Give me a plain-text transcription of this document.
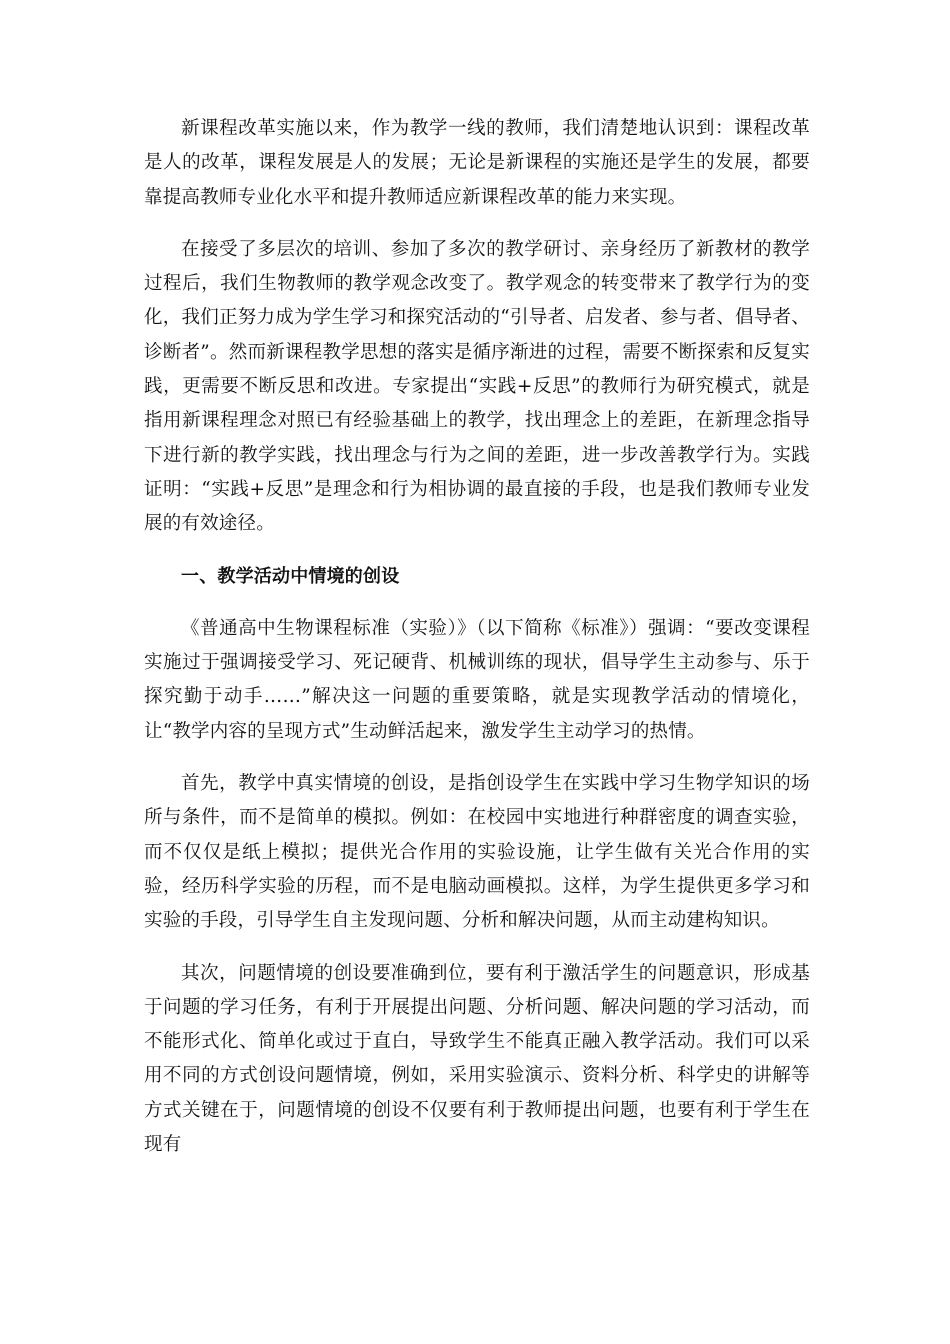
新课程改革实施以来，作为教学一线的教师，我们清楚地认识到：课程改革是人的改革，课程发展是人的发展；无论是新课程的实施还是学生的发展，都要靠提高教师专业化水平和提升教师适应新课程改革的能力来实现。

在接受了多层次的培训、参加了多次的教学研讨、亲身经历了新教材的教学过程后，我们生物教师的教学观念改变了。教学观念的转变带来了教学行为的变化，我们正努力成为学生学习和探究活动的“引导者、启发者、参与者、倡导者、诊断者”。然而新课程教学思想的落实是循序渐进的过程，需要不断探索和反复实践，更需要不断反思和改进。专家提出“实践+反思”的教师行为研究模式，就是指用新课程理念对照已有经验基础上的教学，找出理念上的差距，在新理念指导下进行新的教学实践，找出理念与行为之间的差距，进一步改善教学行为。实践证明：“实践+反思”是理念和行为相协调的最直接的手段，也是我们教师专业发展的有效途径。

一、教学活动中情境的创设

《普通高中生物课程标准（实验）》（以下简称《标准》）强调：“要改变课程实施过于强调接受学习、死记硬背、机械训练的现状，倡导学生主动参与、乐于探究勤于动手……”解决这一问题的重要策略，就是实现教学活动的情境化，让“教学内容的呈现方式”生动鲜活起来，激发学生主动学习的热情。

首先，教学中真实情境的创设，是指创设学生在实践中学习生物学知识的场所与条件，而不是简单的模拟。例如：在校园中实地进行种群密度的调查实验，而不仅仅是纸上模拟；提供光合作用的实验设施，让学生做有关光合作用的实验，经历科学实验的历程，而不是电脑动画模拟。这样，为学生提供更多学习和实验的手段，引导学生自主发现问题、分析和解决问题，从而主动建构知识。

其次，问题情境的创设要准确到位，要有利于激活学生的问题意识，形成基于问题的学习任务，有利于开展提出问题、分析问题、解决问题的学习活动，而不能形式化、简单化或过于直白，导致学生不能真正融入教学活动。我们可以采用不同的方式创设问题情境，例如，采用实验演示、资料分析、科学史的讲解等方式关键在于，问题情境的创设不仅要有利于教师提出问题，也要有利于学生在现有
